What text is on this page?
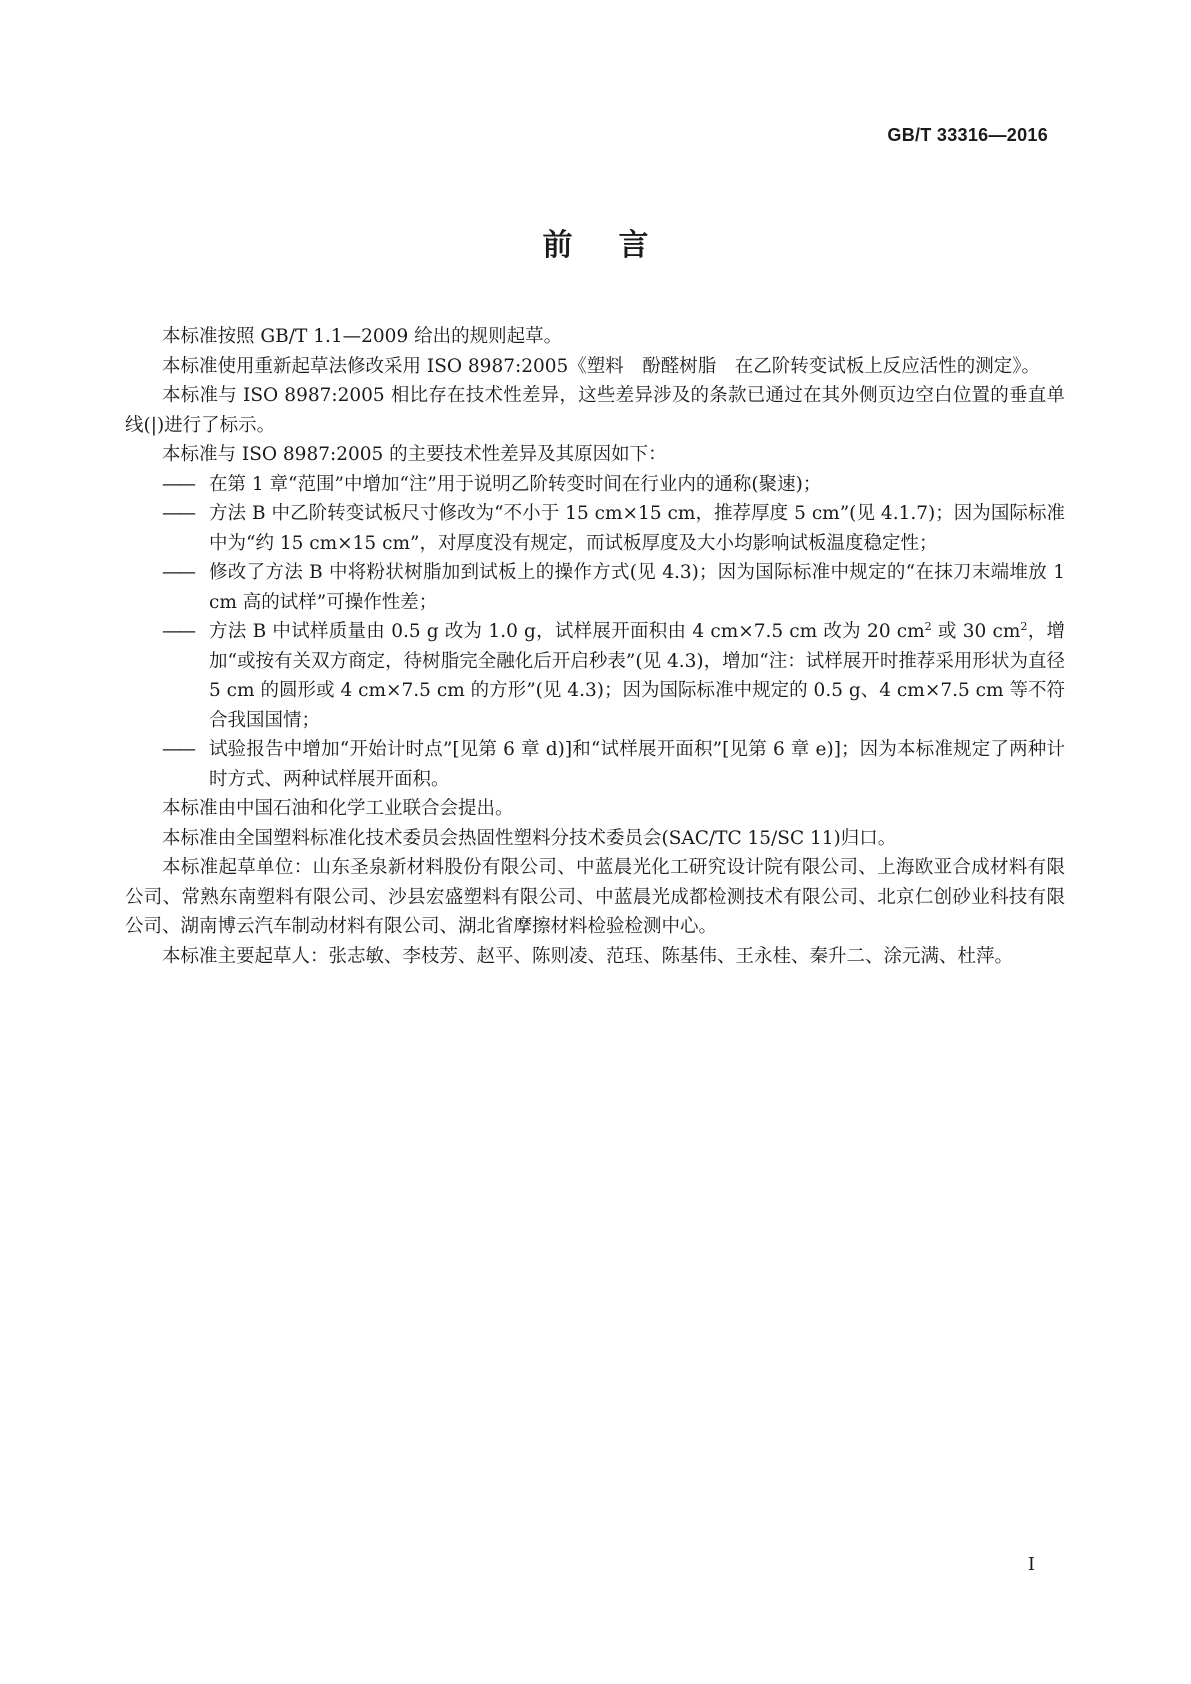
GB/T 33316—2016
前言

本标准按照 GB/T 1.1—2009 给出的规则起草。

本标准使用重新起草法修改采用 ISO 8987:2005《塑料　酚醛树脂　在乙阶转变试板上反应活性的测定》。

本标准与 ISO 8987:2005 相比存在技术性差异，这些差异涉及的条款已通过在其外侧页边空白位置的垂直单线(|)进行了标示。

本标准与 ISO 8987:2005 的主要技术性差异及其原因如下：

—— 在第 1 章“范围”中增加“注”用于说明乙阶转变时间在行业内的通称(聚速)；

—— 方法 B 中乙阶转变试板尺寸修改为“不小于 15 cm×15 cm，推荐厚度 5 cm”(见 4.1.7)；因为国际标准中为“约 15 cm×15 cm”，对厚度没有规定，而试板厚度及大小均影响试板温度稳定性；

—— 修改了方法 B 中将粉状树脂加到试板上的操作方式(见 4.3)；因为国际标准中规定的“在抹刀末端堆放 1 cm 高的试样”可操作性差；

—— 方法 B 中试样质量由 0.5 g 改为 1.0 g，试样展开面积由 4 cm×7.5 cm 改为 20 $cm^2$ 或 30 $cm^2$，增加“或按有关双方商定，待树脂完全融化后开启秒表”(见 4.3)，增加“注：试样展开时推荐采用形状为直径 5 cm 的圆形或 4 cm×7.5 cm 的方形”(见 4.3)；因为国际标准中规定的 0.5 g、4 cm×7.5 cm 等不符合我国国情；

—— 试验报告中增加“开始计时点”[见第 6 章 d)]和“试样展开面积”[见第 6 章 e)]；因为本标准规定了两种计时方式、两种试样展开面积。

本标准由中国石油和化学工业联合会提出。

本标准由全国塑料标准化技术委员会热固性塑料分技术委员会(SAC/TC 15/SC 11)归口。

本标准起草单位：山东圣泉新材料股份有限公司、中蓝晨光化工研究设计院有限公司、上海欧亚合成材料有限公司、常熟东南塑料有限公司、沙县宏盛塑料有限公司、中蓝晨光成都检测技术有限公司、北京仁创砂业科技有限公司、湖南博云汽车制动材料有限公司、湖北省摩擦材料检验检测中心。

本标准主要起草人：张志敏、李枝芳、赵平、陈则凌、范珏、陈基伟、王永桂、秦升二、涂元满、杜萍。

I
